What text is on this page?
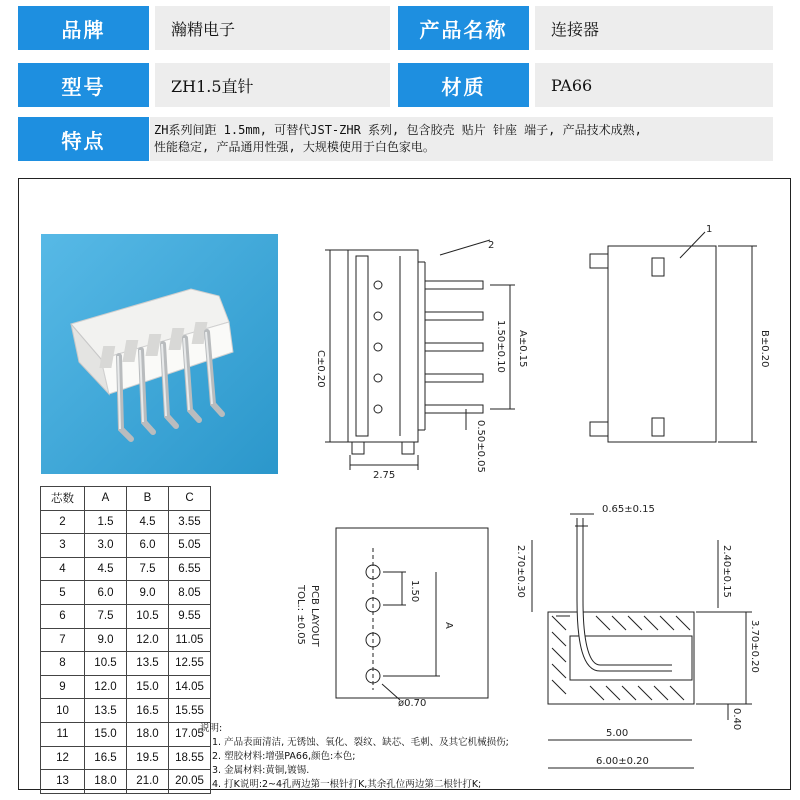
品牌	瀚精电子	产品名称	连接器
型号	ZH1.5直针	材质	PA66
特点	ZH系列间距 1.5mm, 可替代JST-ZHR 系列, 包含胶壳 贴片 针座 端子, 产品技术成熟,
性能稳定, 产品通用性强, 大规模使用于白色家电。
C±0.20	1.50±0.10 A±0.15
2.75
0.50±0.05
2
B±0.20
1
PCB LAYOUT
TOL.: ±0.05	1.50
A
ø0.70
0.65±0.15
2.70±0.30	2.40±0.15
3.70±0.20
0.40
5.00
6.00±0.20
芯数	A	B	C
2	1.5	4.5	3.55
3	3.0	6.0	5.05
4	4.5	7.5	6.55
5	6.0	9.0	8.05
6	7.5	10.5	9.55
7	9.0	12.0	11.05
8	10.5	13.5	12.55
9	12.0	15.0	14.05
10	13.5	16.5	15.55
11	15.0	18.0	17.05
12	16.5	19.5	18.55
13	18.0	21.0	20.05
说明:
1. 产品表面清洁, 无锈蚀、氧化、裂纹、缺芯、毛刺、及其它机械损伤;
2. 塑胶材料:增强PA66,颜色:本色;
3. 金属材料:黄铜,镀锡.
4. 打K说明:2~4孔两边第一根针打K,其余孔位两边第二根针打K;
